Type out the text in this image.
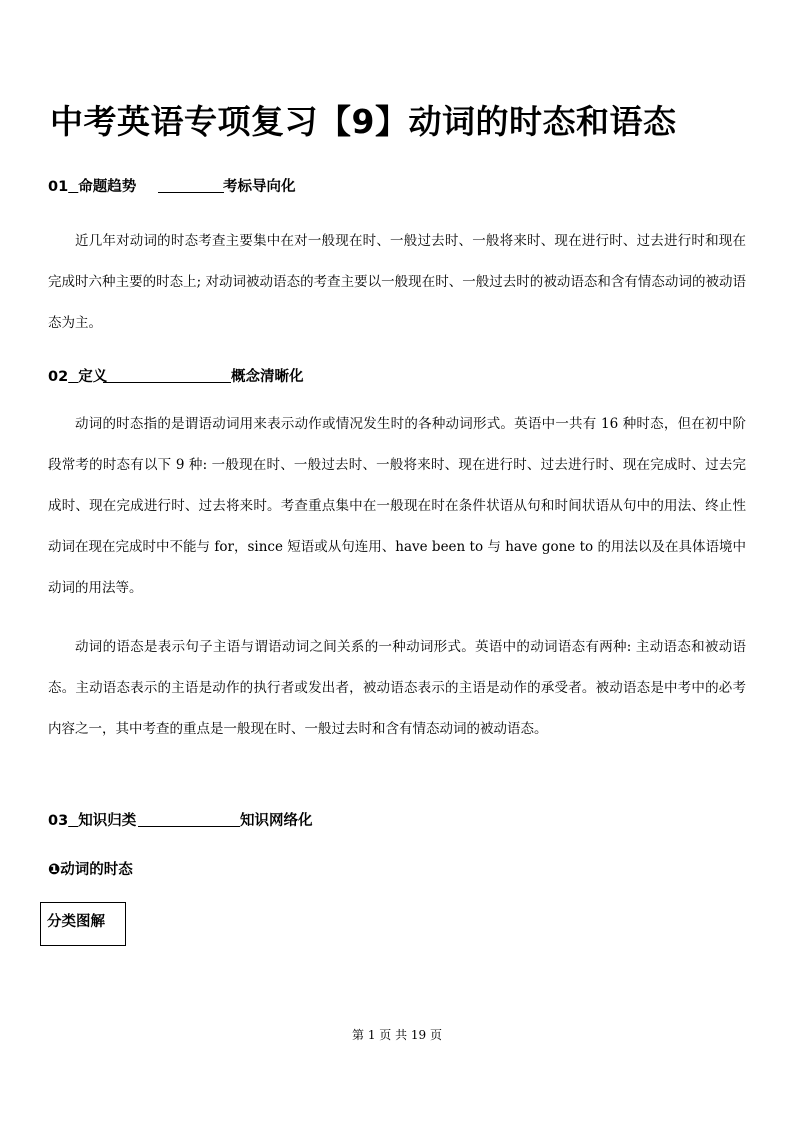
中考英语专项复习【9】动词的时态和语态
01 命题趋势	考标导向化

近几年对动词的时态考查主要集中在对一般现在时、一般过去时、一般将来时、现在进行时、过去进行时和现在完成时六种主要的时态上; 对动词被动语态的考查主要以一般现在时、一般过去时的被动语态和含有情态动词的被动语态为主。

02 定义	概念清晰化

动词的时态指的是谓语动词用来表示动作或情况发生时的各种动词形式。英语中一共有 16 种时态，但在初中阶段常考的时态有以下 9 种: 一般现在时、一般过去时、一般将来时、现在进行时、过去进行时、现在完成时、过去完成时、现在完成进行时、过去将来时。考查重点集中在一般现在时在条件状语从句和时间状语从句中的用法、终止性动词在现在完成时中不能与 for，since 短语或从句连用、have been to 与 have gone to 的用法以及在具体语境中动词的用法等。

动词的语态是表示句子主语与谓语动词之间关系的一种动词形式。英语中的动词语态有两种: 主动语态和被动语态。主动语态表示的主语是动作的执行者或发出者，被动语态表示的主语是动作的承受者。被动语态是中考中的必考内容之一，其中考查的重点是一般现在时、一般过去时和含有情态动词的被动语态。

03 知识归类	知识网络化
❶动词的时态
分类图解
第 1 页 共 19 页
